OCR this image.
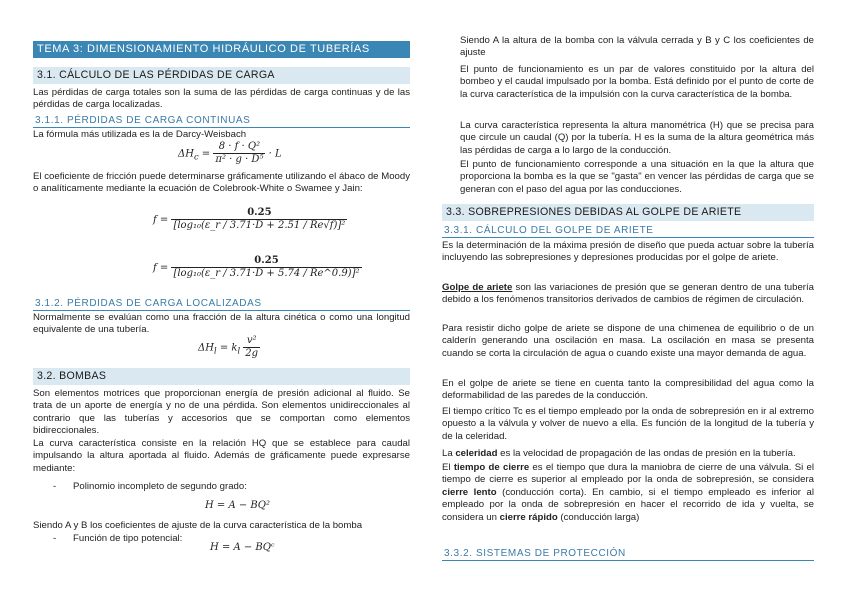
TEMA 3: DIMENSIONAMIENTO HIDRÁULICO DE TUBERÍAS
3.1. CÁLCULO DE LAS PÉRDIDAS DE CARGA

Las pérdidas de carga totales son la suma de las pérdidas de carga continuas y de las pérdidas de carga localizadas.

3.1.1. PÉRDIDAS DE CARGA CONTINUAS

La fórmula más utilizada es la de Darcy-Weisbach

$\Delta H_c = \frac{\text{8 · f · Q²}}{\text{π² · g · D⁵}} \cdot L$

El coeficiente de fricción puede determinarse gráficamente utilizando el ábaco de Moody o analíticamente mediante la ecuación de Colebrook-White o Swamee y Jain:

$f = \frac{0.25}{\text{[log₁₀(ε\_r / 3.71·D + 2.51 / Re√f)]²}}$
$f = \frac{0.25}{\text{[log₁₀(ε\_r / 3.71·D + 5.74 / Re\textasciicircum{}0.9)]²}}$
3.1.2. PÉRDIDAS DE CARGA LOCALIZADAS

Normalmente se evalúan como una fracción de la altura cinética o como una longitud equivalente de una tubería.

$\Delta H_l = k_l \frac{\text{v²}}{2g}$
3.2. BOMBAS

Son elementos motrices que proporcionan energía de presión adicional al fluido. Se trata de un aporte de energía y no de una pérdida. Son elementos unidireccionales al contrario que las tuberías y accesorios que se comportan como elementos bidireccionales.

La curva característica consiste en la relación HQ que se establece para caudal impulsando la altura aportada al fluido. Además de gráficamente puede expresarse mediante:

- Polinomio incompleto de segundo grado:
H = A − BQ²

Siendo A y B los coeficientes de ajuste de la curva característica de la bomba

- Función de tipo potencial:
H = A − BQᶜ

Siendo A la altura de la bomba con la válvula cerrada y B y C los coeficientes de ajuste

El punto de funcionamiento es un par de valores constituido por la altura del bombeo y el caudal impulsado por la bomba. Está definido por el punto de corte de la curva característica de la impulsión con la curva característica de la bomba.

La curva característica representa la altura manométrica (H) que se precisa para que circule un caudal (Q) por la tubería. H es la suma de la altura geométrica más las pérdidas de carga a lo largo de la conducción.

El punto de funcionamiento corresponde a una situación en la que la altura que proporciona la bomba es la que se "gasta" en vencer las pérdidas de carga que se generan con el paso del agua por las conducciones.

3.3. SOBREPRESIONES DEBIDAS AL GOLPE DE ARIETE
3.3.1. CÁLCULO DEL GOLPE DE ARIETE

Es la determinación de la máxima presión de diseño que pueda actuar sobre la tubería incluyendo las sobrepresiones y depresiones producidas por el golpe de ariete.

Golpe de ariete son las variaciones de presión que se generan dentro de una tubería debido a los fenómenos transitorios derivados de cambios de régimen de circulación.

Para resistir dicho golpe de ariete se dispone de una chimenea de equilibrio o de un calderín generando una oscilación en masa. La oscilación en masa se presenta cuando se corta la circulación de agua o cuando existe una mayor demanda de agua.

En el golpe de ariete se tiene en cuenta tanto la compresibilidad del agua como la deformabilidad de las paredes de la conducción.

El tiempo crítico Tc es el tiempo empleado por la onda de sobrepresión en ir al extremo opuesto a la válvula y volver de nuevo a ella. Es función de la longitud de la tubería y de la celeridad.

La celeridad es la velocidad de propagación de las ondas de presión en la tubería.

El tiempo de cierre es el tiempo que dura la maniobra de cierre de una válvula. Si el tiempo de cierre es superior al empleado por la onda de sobrepresión, se considera cierre lento (conducción corta). En cambio, si el tiempo empleado es inferior al empleado por la onda de sobrepresión en hacer el recorrido de ida y vuelta, se considera un cierre rápido (conducción larga)

3.3.2. SISTEMAS DE PROTECCIÓN
